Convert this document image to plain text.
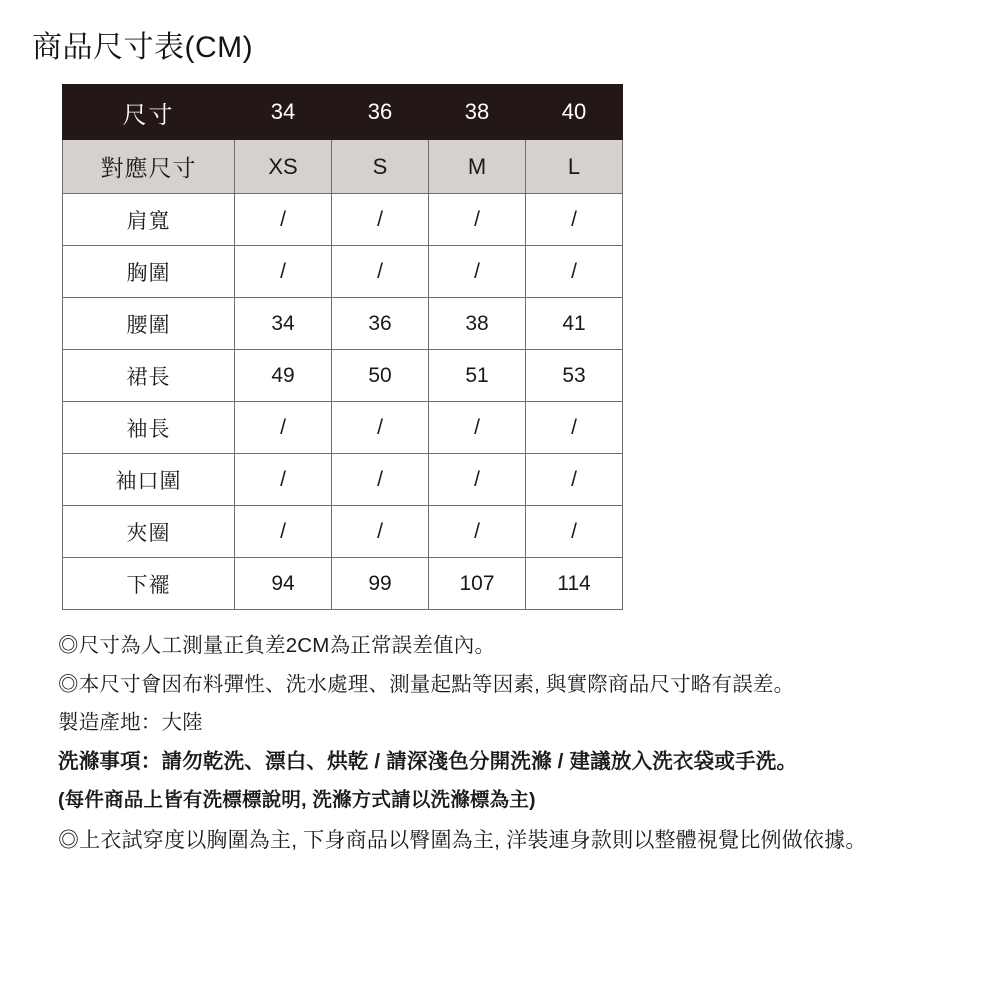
商品尺寸表(CM)
尺寸	34	36	38	40
對應尺寸	XS	S	M	L
肩寬	/	/	/	/
胸圍	/	/	/	/
腰圍	34	36	38	41
裙長	49	50	51	53
袖長	/	/	/	/
袖口圍	/	/	/	/
夾圈	/	/	/	/
下襬	94	99	107	114

◎尺寸為人工測量正負差2CM為正常誤差值內。

◎本尺寸會因布料彈性、洗水處理、測量起點等因素, 與實際商品尺寸略有誤差。

製造產地：大陸

洗滌事項：請勿乾洗、漂白、烘乾 / 請深淺色分開洗滌 / 建議放入洗衣袋或手洗。

(每件商品上皆有洗標標說明, 洗滌方式請以洗滌標為主)

◎上衣試穿度以胸圍為主, 下身商品以臀圍為主, 洋裝連身款則以整體視覺比例做依據。
